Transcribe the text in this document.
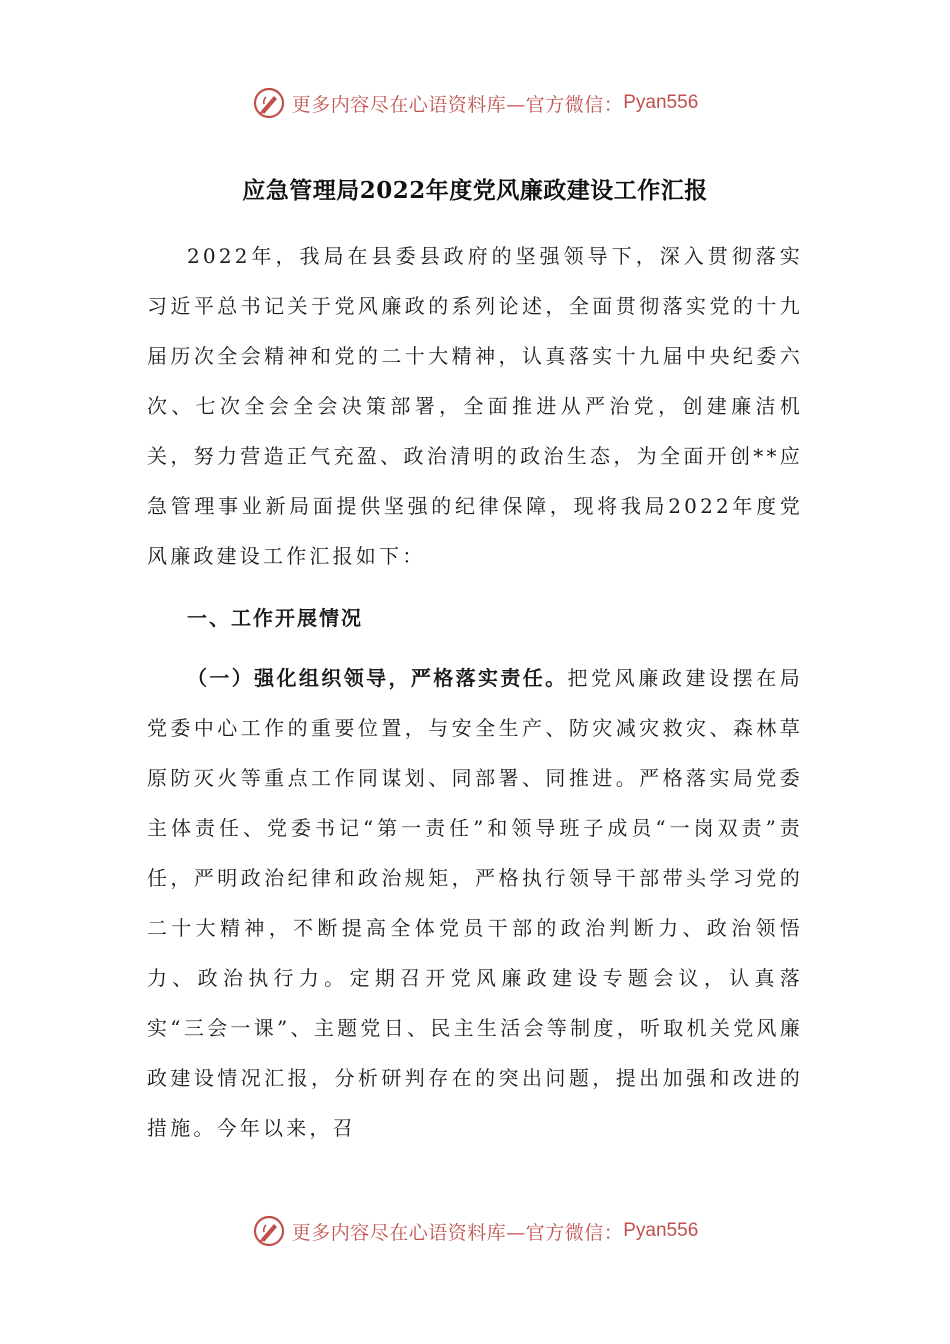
更多内容尽在心语资料库—官方微信： Pyan556
应急管理局2022年度党风廉政建设工作汇报

2022年，我局在县委县政府的坚强领导下，深入贯彻落实习近平总书记关于党风廉政的系列论述，全面贯彻落实党的十九届历次全会精神和党的二十大精神，认真落实十九届中央纪委六次、七次全会全会决策部署，全面推进从严治党，创建廉洁机关，努力营造正气充盈、政治清明的政治生态，为全面开创**应急管理事业新局面提供坚强的纪律保障，现将我局2022年度党风廉政建设工作汇报如下：

一、工作开展情况

（一）强化组织领导，严格落实责任。把党风廉政建设摆在局党委中心工作的重要位置，与安全生产、防灾减灾救灾、森林草原防灭火等重点工作同谋划、同部署、同推进。严格落实局党委主体责任、党委书记“第一责任”和领导班子成员“一岗双责”责任，严明政治纪律和政治规矩，严格执行领导干部带头学习党的二十大精神，不断提高全体党员干部的政治判断力、政治领悟力、政治执行力。定期召开党风廉政建设专题会议，认真落实“三会一课”、主题党日、民主生活会等制度，听取机关党风廉政建设情况汇报，分析研判存在的突出问题，提出加强和改进的措施。今年以来，召

更多内容尽在心语资料库—官方微信： Pyan556
